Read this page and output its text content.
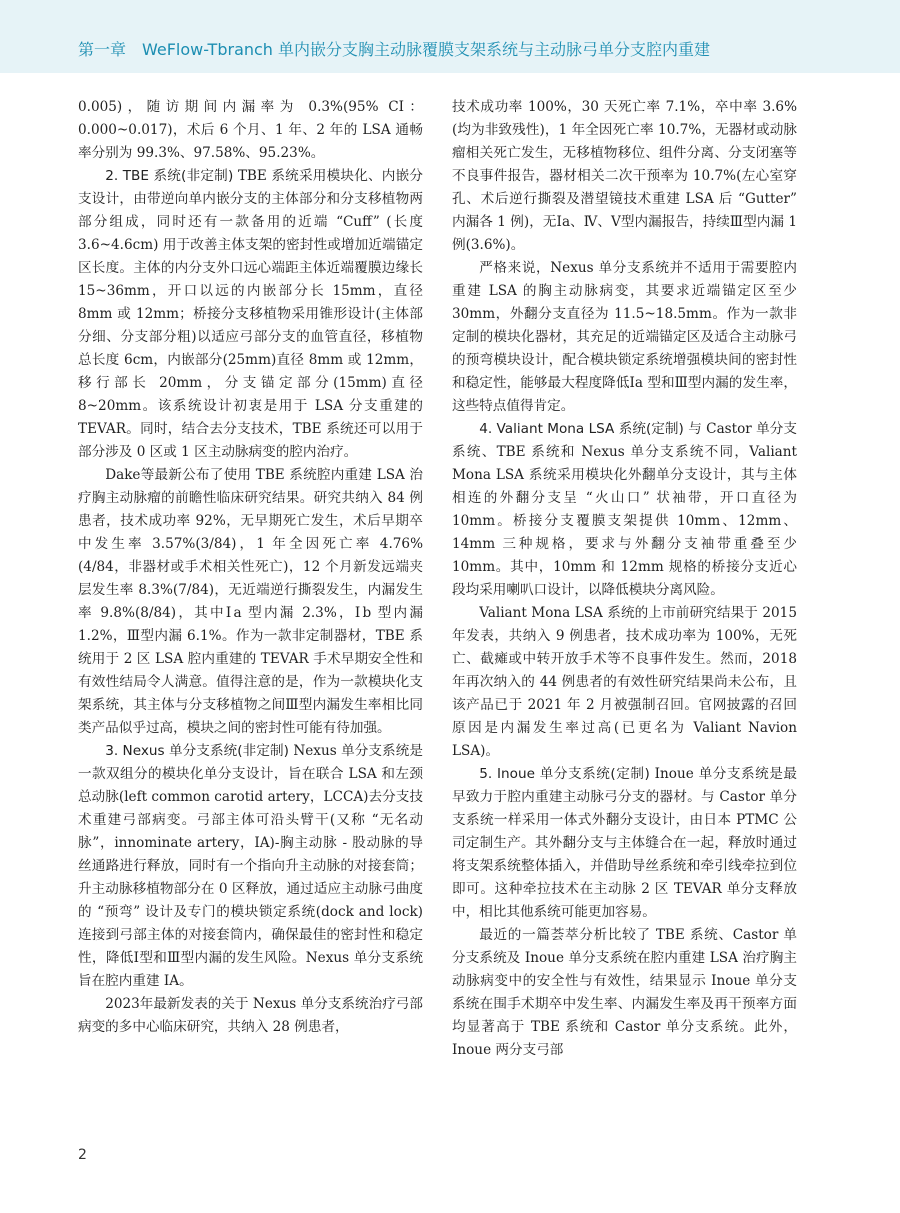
第一章　WeFlow-Tbranch 单内嵌分支胸主动脉覆膜支架系统与主动脉弓单分支腔内重建

0.005)，随访期间内漏率为 0.3%(95% CI：0.000~0.017)，术后 6 个月、1 年、2 年的 LSA 通畅率分别为 99.3%、97.58%、95.23%。

2. TBE 系统(非定制) TBE 系统采用模块化、内嵌分支设计，由带逆向单内嵌分支的主体部分和分支移植物两部分组成，同时还有一款备用的近端 “Cuff” (长度 3.6~4.6cm) 用于改善主体支架的密封性或增加近端锚定区长度。主体的内分支外口远心端距主体近端覆膜边缘长 15~36mm，开口以远的内嵌部分长 15mm，直径 8mm 或 12mm；桥接分支移植物采用锥形设计(主体部分细、分支部分粗)以适应弓部分支的血管直径，移植物总长度 6cm，内嵌部分(25mm)直径 8mm 或 12mm，移行部长 20mm，分支锚定部分(15mm)直径 8~20mm。该系统设计初衷是用于 LSA 分支重建的 TEVAR。同时，结合去分支技术，TBE 系统还可以用于部分涉及 0 区或 1 区主动脉病变的腔内治疗。

Dake等最新公布了使用 TBE 系统腔内重建 LSA 治疗胸主动脉瘤的前瞻性临床研究结果。研究共纳入 84 例患者，技术成功率 92%，无早期死亡发生，术后早期卒中发生率 3.57%(3/84)，1 年全因死亡率 4.76%(4/84，非器材或手术相关性死亡)，12 个月新发远端夹层发生率 8.3%(7/84)，无近端逆行撕裂发生，内漏发生率 9.8%(8/84)，其中Ⅰa 型内漏 2.3%，Ⅰb 型内漏 1.2%，Ⅲ型内漏 6.1%。作为一款非定制器材，TBE 系统用于 2 区 LSA 腔内重建的 TEVAR 手术早期安全性和有效性结局令人满意。值得注意的是，作为一款模块化支架系统，其主体与分支移植物之间Ⅲ型内漏发生率相比同类产品似乎过高，模块之间的密封性可能有待加强。

3. Nexus 单分支系统(非定制) Nexus 单分支系统是一款双组分的模块化单分支设计，旨在联合 LSA 和左颈总动脉(left common carotid artery，LCCA)去分支技术重建弓部病变。弓部主体可沿头臂干(又称 “无名动脉”，innominate artery，IA)-胸主动脉 - 股动脉的导丝通路进行释放，同时有一个指向升主动脉的对接套筒；升主动脉移植物部分在 0 区释放，通过适应主动脉弓曲度的 “预弯” 设计及专门的模块锁定系统(dock and lock)连接到弓部主体的对接套筒内，确保最佳的密封性和稳定性，降低Ⅰ型和Ⅲ型内漏的发生风险。Nexus 单分支系统旨在腔内重建 IA。

2023年最新发表的关于 Nexus 单分支系统治疗弓部病变的多中心临床研究，共纳入 28 例患者，

技术成功率 100%，30 天死亡率 7.1%，卒中率 3.6%(均为非致残性)，1 年全因死亡率 10.7%，无器材或动脉瘤相关死亡发生，无移植物移位、组件分离、分支闭塞等不良事件报告，器材相关二次干预率为 10.7%(左心室穿孔、术后逆行撕裂及潜望镜技术重建 LSA 后 “Gutter” 内漏各 1 例)，无Ⅰa、Ⅳ、Ⅴ型内漏报告，持续Ⅲ型内漏 1 例(3.6%)。

严格来说，Nexus 单分支系统并不适用于需要腔内重建 LSA 的胸主动脉病变，其要求近端锚定区至少 30mm，外翻分支直径为 11.5~18.5mm。作为一款非定制的模块化器材，其充足的近端锚定区及适合主动脉弓的预弯模块设计，配合模块锁定系统增强模块间的密封性和稳定性，能够最大程度降低Ⅰa 型和Ⅲ型内漏的发生率，这些特点值得肯定。

4. Valiant Mona LSA 系统(定制) 与 Castor 单分支系统、TBE 系统和 Nexus 单分支系统不同，Valiant Mona LSA 系统采用模块化外翻单分支设计，其与主体相连的外翻分支呈 “火山口” 状袖带，开口直径为 10mm。桥接分支覆膜支架提供 10mm、12mm、14mm 三种规格，要求与外翻分支袖带重叠至少 10mm。其中，10mm 和 12mm 规格的桥接分支近心段均采用喇叭口设计，以降低模块分离风险。

Valiant Mona LSA 系统的上市前研究结果于 2015 年发表，共纳入 9 例患者，技术成功率为 100%，无死亡、截瘫或中转开放手术等不良事件发生。然而，2018 年再次纳入的 44 例患者的有效性研究结果尚未公布，且该产品已于 2021 年 2 月被强制召回。官网披露的召回原因是内漏发生率过高(已更名为 Valiant Navion LSA)。

5. Inoue 单分支系统(定制) Inoue 单分支系统是最早致力于腔内重建主动脉弓分支的器材。与 Castor 单分支系统一样采用一体式外翻分支设计，由日本 PTMC 公司定制生产。其外翻分支与主体缝合在一起，释放时通过将支架系统整体插入，并借助导丝系统和牵引线牵拉到位即可。这种牵拉技术在主动脉 2 区 TEVAR 单分支释放中，相比其他系统可能更加容易。

最近的一篇荟萃分析比较了 TBE 系统、Castor 单分支系统及 Inoue 单分支系统在腔内重建 LSA 治疗胸主动脉病变中的安全性与有效性，结果显示 Inoue 单分支系统在围手术期卒中发生率、内漏发生率及再干预率方面均显著高于 TBE 系统和 Castor 单分支系统。此外，Inoue 两分支弓部

2
